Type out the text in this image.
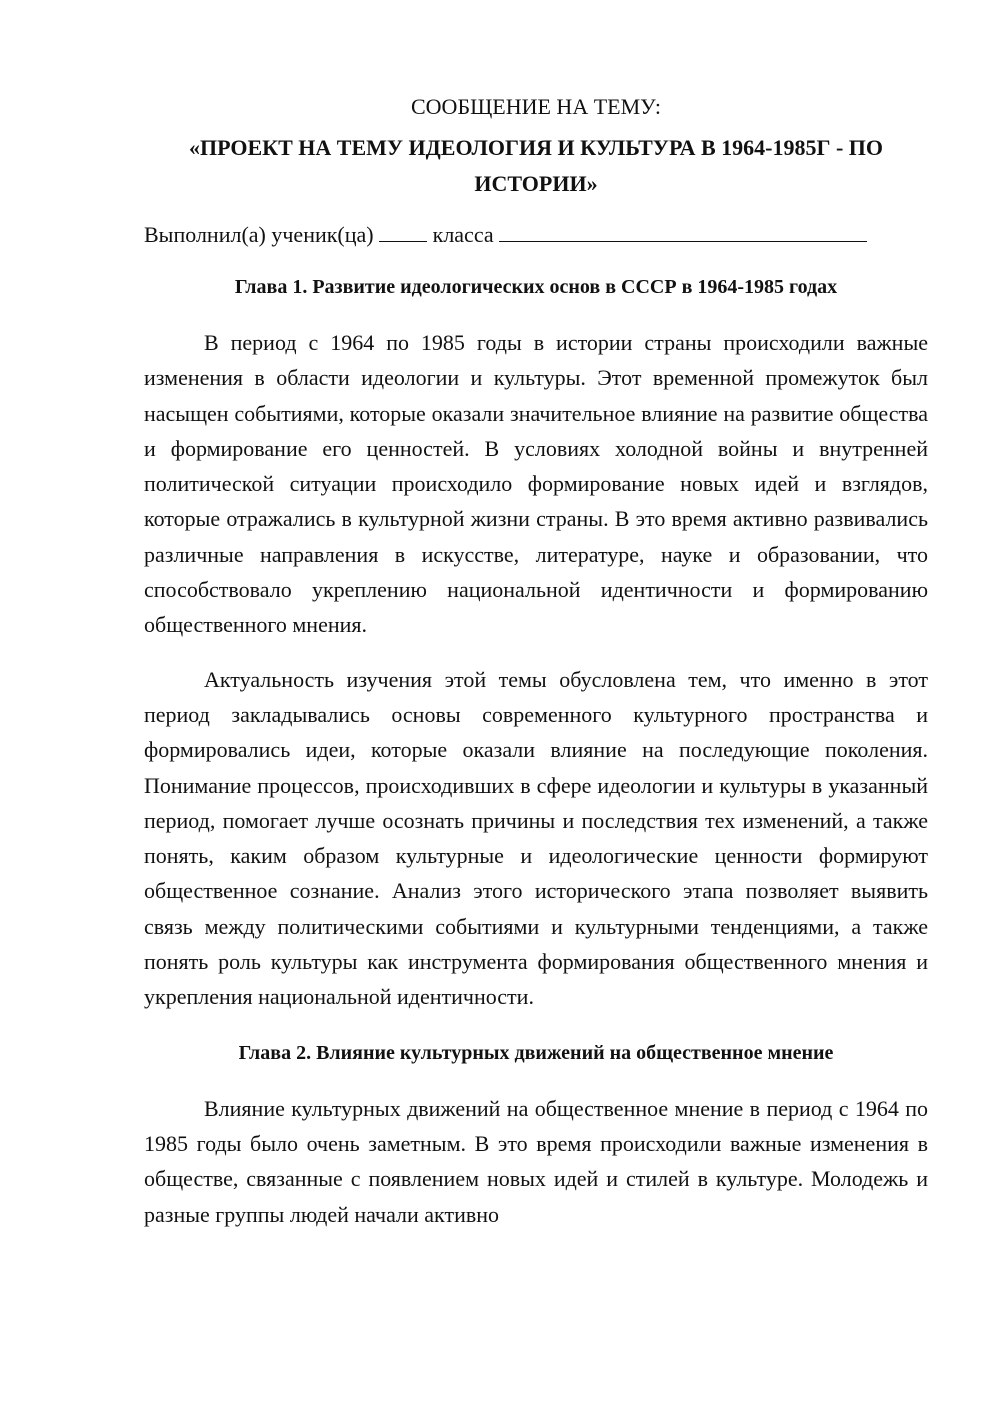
СООБЩЕНИЕ НА ТЕМУ:

«ПРОЕКТ НА ТЕМУ ИДЕОЛОГИЯ И КУЛЬТУРА В 1964-1985Г - ПО ИСТОРИИ»

Выполнил(а) ученик(ца)	класса

Глава 1. Развитие идеологических основ в СССР в 1964-1985 годах

В период с 1964 по 1985 годы в истории страны происходили важные изменения в области идеологии и культуры. Этот временной промежуток был насыщен событиями, которые оказали значительное влияние на развитие общества и формирование его ценностей. В условиях холодной войны и внутренней политической ситуации происходило формирование новых идей и взглядов, которые отражались в культурной жизни страны. В это время активно развивались различные направления в искусстве, литературе, науке и образовании, что способствовало укреплению национальной идентичности и формированию общественного мнения.

Актуальность изучения этой темы обусловлена тем, что именно в этот период закладывались основы современного культурного пространства и формировались идеи, которые оказали влияние на последующие поколения. Понимание процессов, происходивших в сфере идеологии и культуры в указанный период, помогает лучше осознать причины и последствия тех изменений, а также понять, каким образом культурные и идеологические ценности формируют общественное сознание. Анализ этого исторического этапа позволяет выявить связь между политическими событиями и культурными тенденциями, а также понять роль культуры как инструмента формирования общественного мнения и укрепления национальной идентичности.

Глава 2. Влияние культурных движений на общественное мнение

Влияние культурных движений на общественное мнение в период с 1964 по 1985 годы было очень заметным. В это время происходили важные изменения в обществе, связанные с появлением новых идей и стилей в культуре. Молодежь и разные группы людей начали активно
